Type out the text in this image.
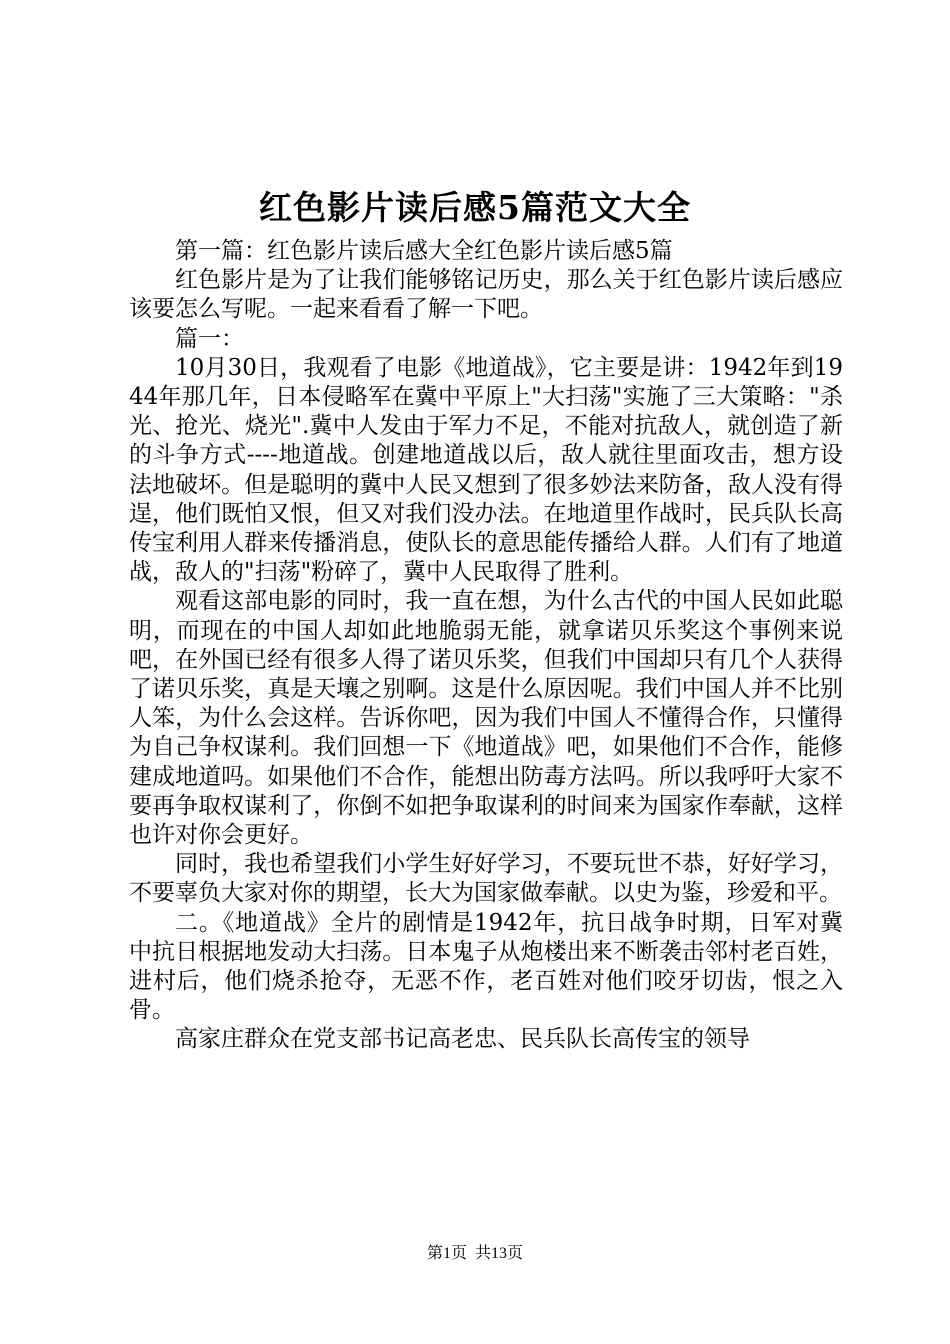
红色影片读后感5篇范文大全

第一篇：红色影片读后感大全红色影片读后感5篇

红色影片是为了让我们能够铭记历史，那么关于红色影片读后感应该要怎么写呢。一起来看看了解一下吧。

篇一：

10月30日，我观看了电影《地道战》，它主要是讲：1942年到1944年那几年，日本侵略军在冀中平原上"大扫荡"实施了三大策略："杀光、抢光、烧光".冀中人发由于军力不足，不能对抗敌人，就创造了新的斗争方式----地道战。创建地道战以后，敌人就往里面攻击，想方设法地破坏。但是聪明的冀中人民又想到了很多妙法来防备，敌人没有得逞，他们既怕又恨，但又对我们没办法。在地道里作战时，民兵队长高传宝利用人群来传播消息，使队长的意思能传播给人群。人们有了地道战，敌人的"扫荡"粉碎了，冀中人民取得了胜利。

观看这部电影的同时，我一直在想，为什么古代的中国人民如此聪明，而现在的中国人却如此地脆弱无能，就拿诺贝乐奖这个事例来说吧，在外国已经有很多人得了诺贝乐奖，但我们中国却只有几个人获得了诺贝乐奖，真是天壤之别啊。这是什么原因呢。我们中国人并不比别人笨，为什么会这样。告诉你吧，因为我们中国人不懂得合作，只懂得为自己争权谋利。我们回想一下《地道战》吧，如果他们不合作，能修建成地道吗。如果他们不合作，能想出防毒方法吗。所以我呼吁大家不要再争取权谋利了，你倒不如把争取谋利的时间来为国家作奉献，这样也许对你会更好。

同时，我也希望我们小学生好好学习，不要玩世不恭，好好学习，不要辜负大家对你的期望，长大为国家做奉献。以史为鉴，珍爱和平。

二。《地道战》全片的剧情是1942年，抗日战争时期，日军对冀中抗日根据地发动大扫荡。日本鬼子从炮楼出来不断袭击邻村老百姓，进村后，他们烧杀抢夺，无恶不作，老百姓对他们咬牙切齿，恨之入骨。

高家庄群众在党支部书记高老忠、民兵队长高传宝的领导

第1页 共13页
